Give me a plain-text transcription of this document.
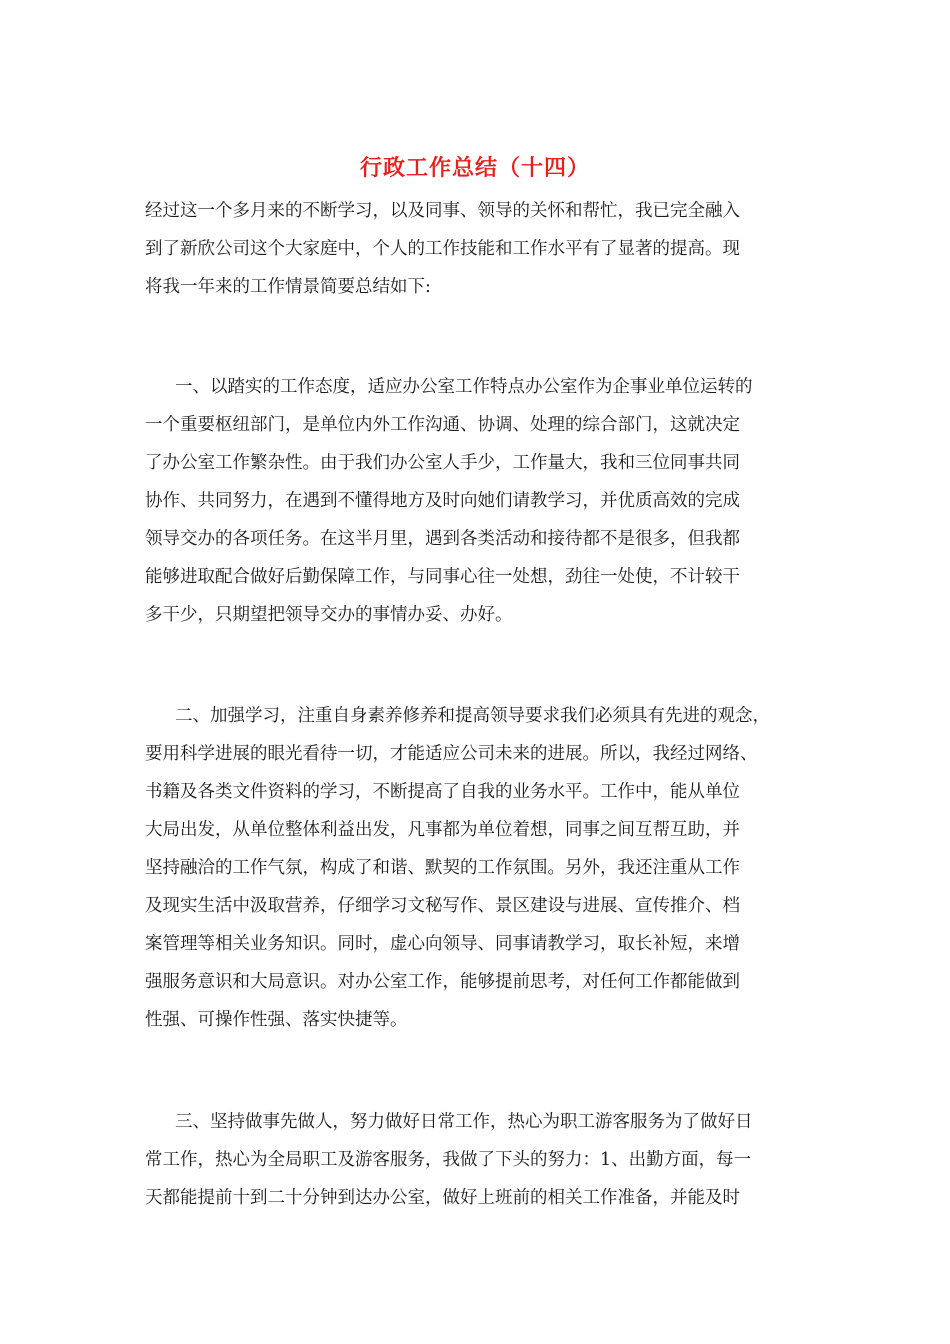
行政工作总结（十四）
经过这一个多月来的不断学习，以及同事、领导的关怀和帮忙，我已完全融入
到了新欣公司这个大家庭中，个人的工作技能和工作水平有了显著的提高。现
将我一年来的工作情景简要总结如下:
一、以踏实的工作态度，适应办公室工作特点办公室作为企事业单位运转的
一个重要枢纽部门，是单位内外工作沟通、协调、处理的综合部门，这就决定
了办公室工作繁杂性。由于我们办公室人手少，工作量大，我和三位同事共同
协作、共同努力，在遇到不懂得地方及时向她们请教学习，并优质高效的完成
领导交办的各项任务。在这半月里，遇到各类活动和接待都不是很多，但我都
能够进取配合做好后勤保障工作，与同事心往一处想，劲往一处使，不计较干
多干少，只期望把领导交办的事情办妥、办好。
二、加强学习，注重自身素养修养和提高领导要求我们必须具有先进的观念，
要用科学进展的眼光看待一切，才能适应公司未来的进展。所以，我经过网络、
书籍及各类文件资料的学习，不断提高了自我的业务水平。工作中，能从单位
大局出发，从单位整体利益出发，凡事都为单位着想，同事之间互帮互助，并
坚持融洽的工作气氛，构成了和谐、默契的工作氛围。另外，我还注重从工作
及现实生活中汲取营养，仔细学习文秘写作、景区建设与进展、宣传推介、档
案管理等相关业务知识。同时，虚心向领导、同事请教学习，取长补短，来增
强服务意识和大局意识。对办公室工作，能够提前思考，对任何工作都能做到
性强、可操作性强、落实快捷等。
三、坚持做事先做人，努力做好日常工作，热心为职工游客服务为了做好日
常工作，热心为全局职工及游客服务，我做了下头的努力：1、出勤方面，每一
天都能提前十到二十分钟到达办公室，做好上班前的相关工作准备，并能及时
